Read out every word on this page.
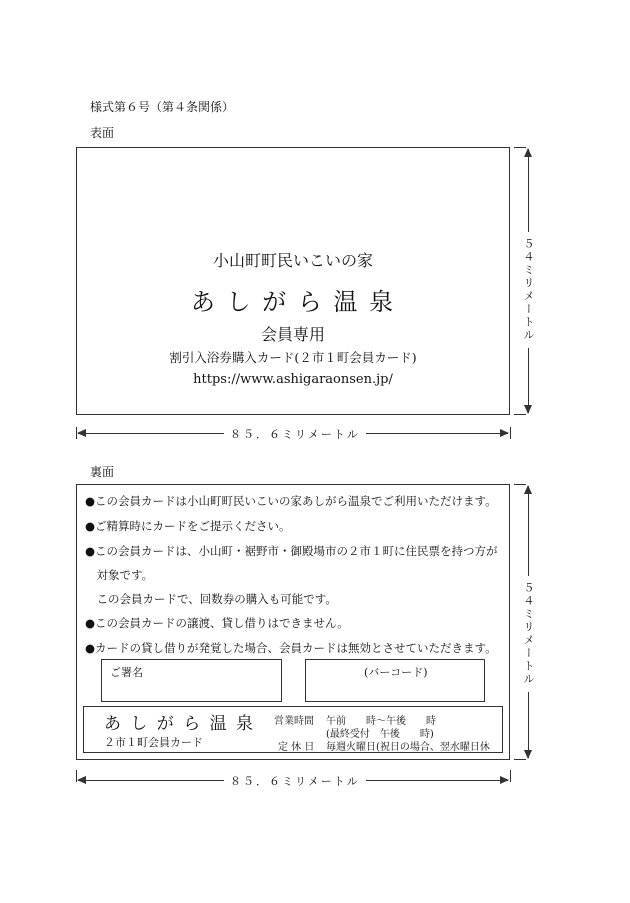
様式第６号（第４条関係）
表面
小山町町民いこいの家
あ し が ら 温 泉
会員専用
割引入浴券購入カード(２市１町会員カード)
https://www.ashigaraonsen.jp/
８５．６ミリメートル
５４ミリメートル
裏面
●この会員カードは小山町町民いこいの家あしがら温泉でご利用いただけます。
●ご精算時にカードをご提示ください。
●この会員カードは、小山町・裾野市・御殿場市の２市１町に住民票を持つ方が
　対象です。
　この会員カードで、回数券の購入も可能です。
●この会員カードの譲渡、貸し借りはできません。
●カードの貸し借りが発覚した場合、会員カードは無効とさせていただきます。
ご署名	(バーコード)
あ し が ら 温 泉
２市１町会員カード
営業時間 午前　　時～午後　　時
(最終受付　午後　　時)
定 休 日 毎週火曜日(祝日の場合、翌水曜日休
８５．６ミリメートル
５４ミリメートル
